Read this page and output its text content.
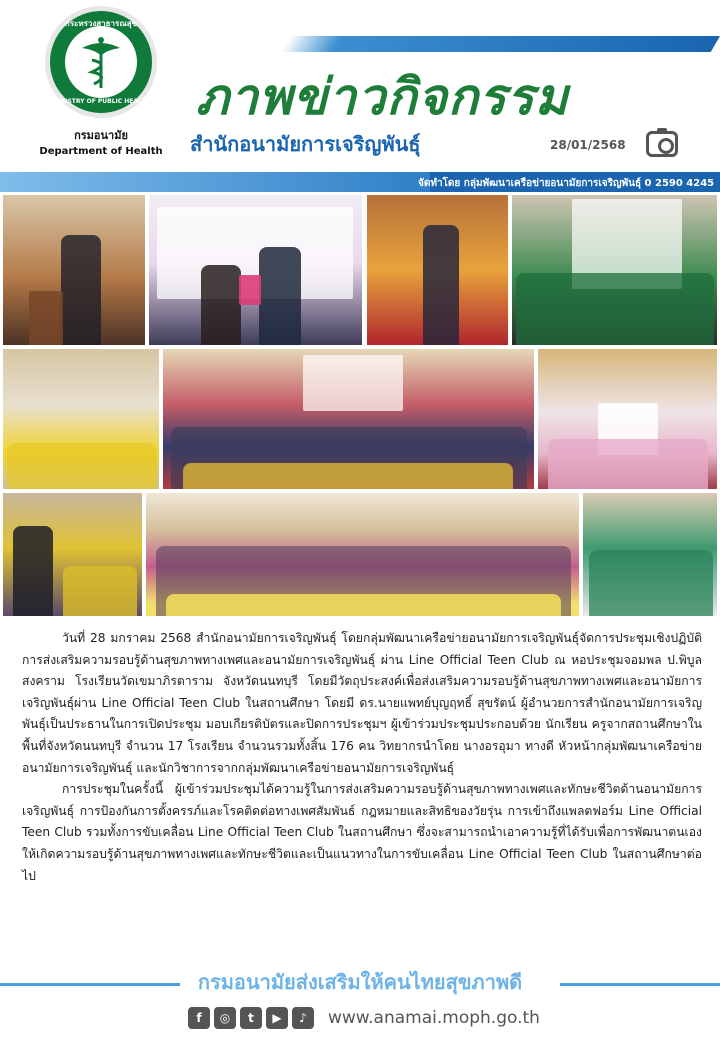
กระทรวงสาธารณสุข
MINISTRY OF PUBLIC HEALTH
กรมอนามัย
Department of Health
ภาพข่าวกิจกรรม
สำนักอนามัยการเจริญพันธุ์	28/01/2568
จัดทำโดย กลุ่มพัฒนาเครือข่ายอนามัยการเจริญพันธุ์ 0 2590 4245

วันที่ 28 มกราคม 2568 สำนักอนามัยการเจริญพันธุ์ โดยกลุ่มพัฒนาเครือข่ายอนามัยการเจริญพันธุ์จัดการประชุมเชิงปฏิบัติการส่งเสริมความรอบรู้ด้านสุขภาพทางเพศและอนามัยการเจริญพันธุ์ ผ่าน Line Official Teen Club ณ หอประชุมจอมพล ป.พิบูลสงคราม โรงเรียนวัดเขมาภิรตาราม จังหวัดนนทบุรี โดยมีวัตถุประสงค์เพื่อส่งเสริมความรอบรู้ด้านสุขภาพทางเพศและอนามัยการเจริญพันธุ์ผ่าน Line Official Teen Club ในสถานศึกษา โดยมี ดร.นายแพทย์บุญฤทธิ์ สุขรัตน์ ผู้อำนวยการสำนักอนามัยการเจริญพันธุ์เป็นประธานในการเปิดประชุม มอบเกียรติบัตรและปิดการประชุมฯ ผู้เข้าร่วมประชุมประกอบด้วย นักเรียน ครูจากสถานศึกษาในพื้นที่จังหวัดนนทบุรี จำนวน 17 โรงเรียน จำนวนรวมทั้งสิ้น 176 คน วิทยากรนำโดย นางอรอุมา ทางดี หัวหน้ากลุ่มพัฒนาเครือข่ายอนามัยการเจริญพันธุ์ และนักวิชาการจากกลุ่มพัฒนาเครือข่ายอนามัยการเจริญพันธุ์

การประชุมในครั้งนี้ ผู้เข้าร่วมประชุมได้ความรู้ในการส่งเสริมความรอบรู้ด้านสุขภาพทางเพศและทักษะชีวิตด้านอนามัยการเจริญพันธุ์ การป้องกันการตั้งครรภ์และโรคติดต่อทางเพศสัมพันธ์ กฎหมายและสิทธิของวัยรุ่น การเข้าถึงแพลตฟอร์ม Line Official Teen Club รวมทั้งการขับเคลื่อน Line Official Teen Club ในสถานศึกษา ซึ่งจะสามารถนำเอาความรู้ที่ได้รับเพื่อการพัฒนาตนเองให้เกิดความรอบรู้ด้านสุขภาพทางเพศและทักษะชีวิตและเป็นแนวทางในการขับเคลื่อน Line Official Teen Club ในสถานศึกษาต่อไป

กรมอนามัยส่งเสริมให้คนไทยสุขภาพดี
f	◎	t	▶	♪	www.anamai.moph.go.th
